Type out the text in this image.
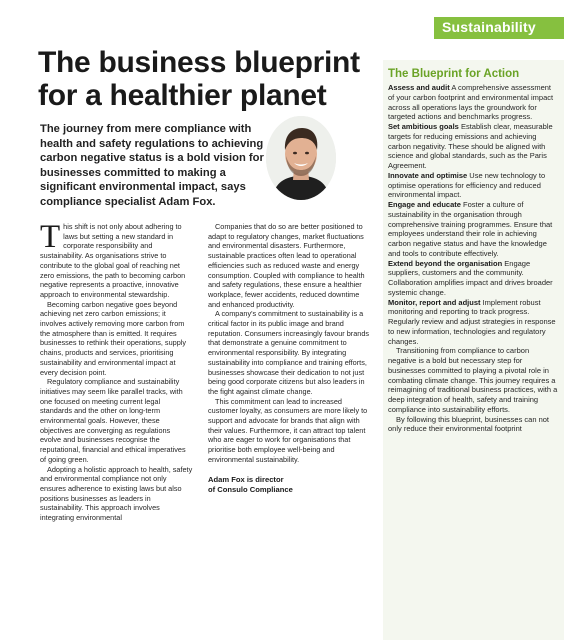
Sustainability
The business blueprint
for a healthier planet

The journey from mere compliance with health and safety regulations to achieving carbon negative status is a bold vision for businesses committed to making a significant environmental impact, says compliance specialist Adam Fox.

This shift is not only about adhering to laws but setting a new standard in corporate responsibility and sustainability. As organisations strive to contribute to the global goal of reaching net zero emissions, the path to becoming carbon negative represents a proactive, innovative approach to environmental stewardship.

Becoming carbon negative goes beyond achieving net zero carbon emissions; it involves actively removing more carbon from the atmosphere than is emitted. It requires businesses to rethink their operations, supply chains, products and services, prioritising sustainability and environmental impact at every decision point.

Regulatory compliance and sustainability initiatives may seem like parallel tracks, with one focused on meeting current legal standards and the other on long-term environmental goals. However, these objectives are converging as regulations evolve and businesses recognise the reputational, financial and ethical imperatives of going green.

Adopting a holistic approach to health, safety and environmental compliance not only ensures adherence to existing laws but also positions businesses as leaders in sustainability. This approach involves integrating environmental

Companies that do so are better positioned to adapt to regulatory changes, market fluctuations and environmental disasters. Furthermore, sustainable practices often lead to operational efficiencies such as reduced waste and energy consumption. Coupled with compliance to health and safety regulations, these ensure a healthier workplace, fewer accidents, reduced downtime and enhanced productivity.

A company's commitment to sustainability is a critical factor in its public image and brand reputation. Consumers increasingly favour brands that demonstrate a genuine commitment to environmental responsibility. By integrating sustainability into compliance and training efforts, businesses showcase their dedication to not just being good corporate citizens but also leaders in the fight against climate change.

This commitment can lead to increased customer loyalty, as consumers are more likely to support and advocate for brands that align with their values. Furthermore, it can attract top talent who are eager to work for organisations that prioritise both employee well-being and environmental sustainability.

Adam Fox is director
of Consulo Compliance
The Blueprint for Action

Assess and audit A comprehensive assessment of your carbon footprint and environmental impact across all operations lays the groundwork for targeted actions and benchmarks progress.

Set ambitious goals Establish clear, measurable targets for reducing emissions and achieving carbon negativity. These should be aligned with science and global standards, such as the Paris Agreement.

Innovate and optimise Use new technology to optimise operations for efficiency and reduced environmental impact.

Engage and educate Foster a culture of sustainability in the organisation through comprehensive training programmes. Ensure that employees understand their role in achieving carbon negative status and have the knowledge and tools to contribute effectively.

Extend beyond the organisation Engage suppliers, customers and the community. Collaboration amplifies impact and drives broader systemic change.

Monitor, report and adjust Implement robust monitoring and reporting to track progress. Regularly review and adjust strategies in response to new information, technologies and regulatory changes.

Transitioning from compliance to carbon negative is a bold but necessary step for businesses committed to playing a pivotal role in combating climate change. This journey requires a reimagining of traditional business practices, with a deep integration of health, safety and training compliance into sustainability efforts.

By following this blueprint, businesses can not only reduce their environmental footprint
